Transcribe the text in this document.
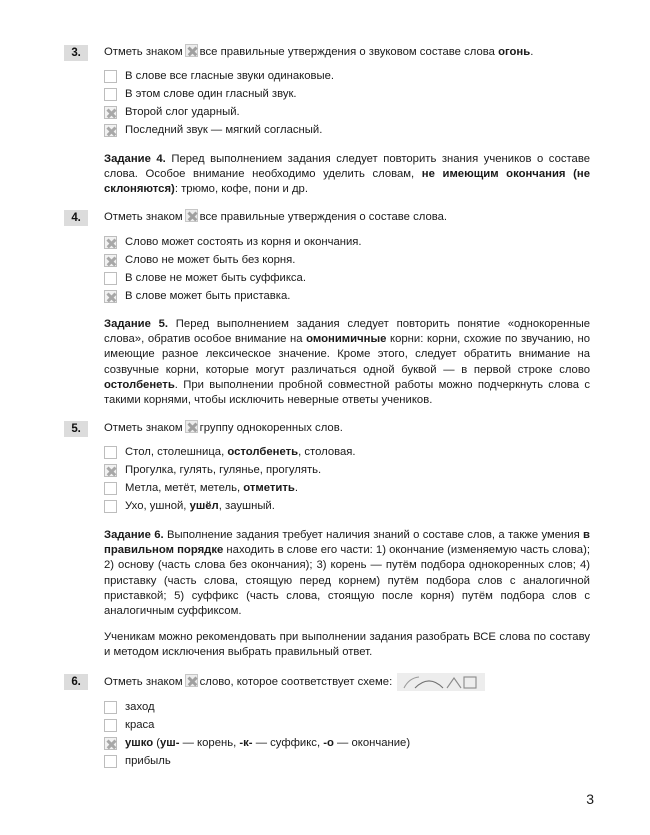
3.	Отметь знаком все правильные утверждения о звуковом составе слова огонь.

В слове все гласные звуки одинаковые.
В этом слове один гласный звук.
Второй слог ударный.
Последний звук — мягкий согласный.

Задание 4. Перед выполнением задания следует повторить знания учеников о составе слова. Особое внимание необходимо уделить словам, не имеющим окончания (не склоняются): трюмо, кофе, пони и др.

4.	Отметь знаком все правильные утверждения о составе слова.

Слово может состоять из корня и окончания.
Слово не может быть без корня.
В слове не может быть суффикса.
В слове может быть приставка.

Задание 5. Перед выполнением задания следует повторить понятие «однокоренные слова», обратив особое внимание на омонимичные корни: корни, схожие по звучанию, но имеющие разное лексическое значение. Кроме этого, следует обратить внимание на созвучные корни, которые могут различаться одной буквой — в первой строке слово остолбенеть. При выполнении пробной совместной работы можно подчеркнуть слова с такими корнями, чтобы исключить неверные ответы учеников.

5.	Отметь знаком группу однокоренных слов.

Стол, столешница, остолбенеть, столовая.
Прогулка, гулять, гулянье, прогулять.
Метла, метёт, метель, отметить.
Ухо, ушной, ушёл, заушный.

Задание 6. Выполнение задания требует наличия знаний о составе слов, а также умения в правильном порядке находить в слове его части: 1) окончание (изменяемую часть слова); 2) основу (часть слова без окончания); 3) корень — путём подбора однокоренных слов; 4) приставку (часть слова, стоящую перед корнем) путём подбора слов с аналогичной приставкой; 5) суффикс (часть слова, стоящую после корня) путём подбора слов с аналогичным суффиксом.

Ученикам можно рекомендовать при выполнении задания разобрать ВСЕ слова по составу и методом исключения выбрать правильный ответ.

6.	Отметь знаком слово, которое соответствует схеме:

заход
краса
ушко (уш- — корень, -к- — суффикс, -о — окончание)
прибыль
3
